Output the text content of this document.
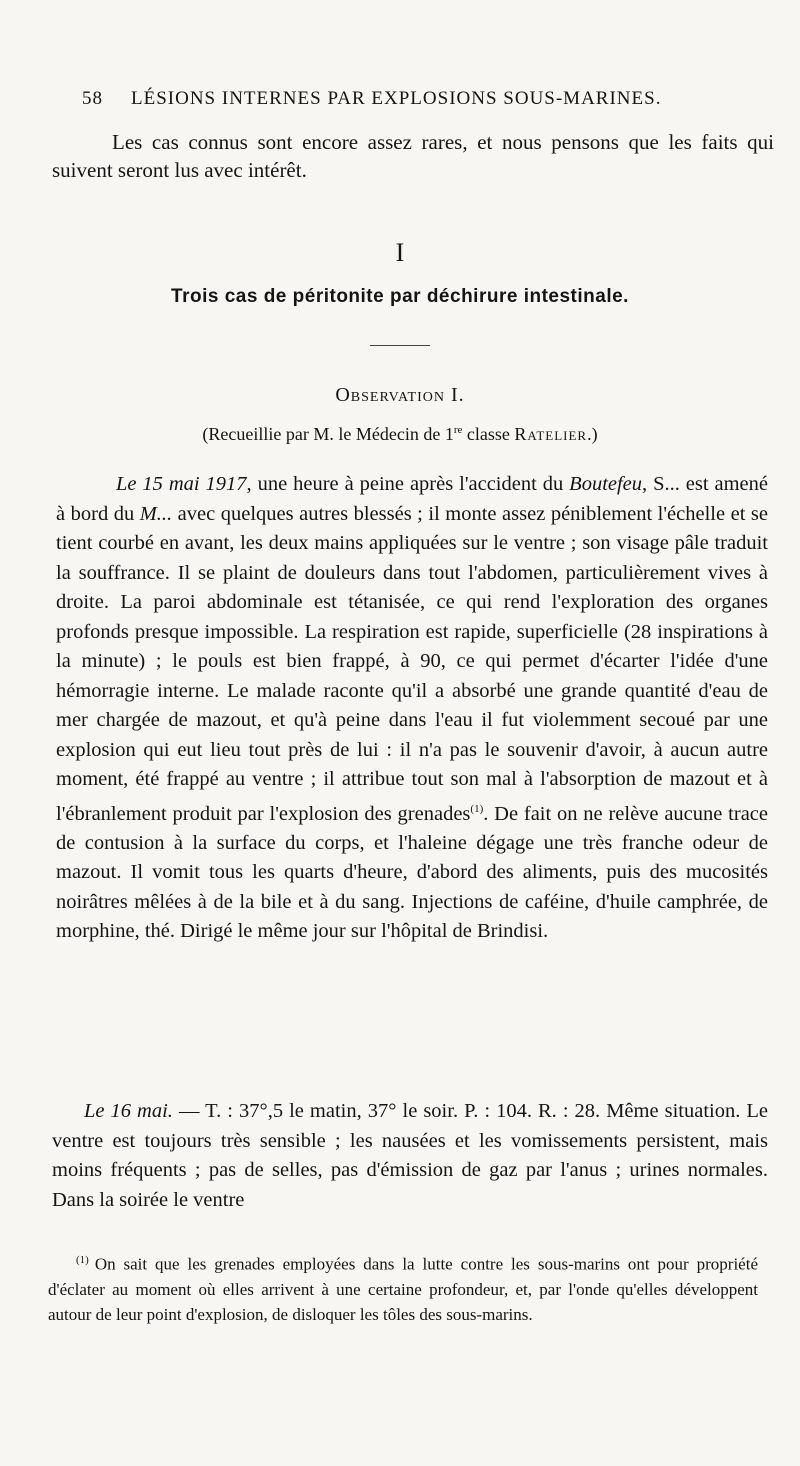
58 LÉSIONS INTERNES PAR EXPLOSIONS SOUS-MARINES.
Les cas connus sont encore assez rares, et nous pensons que les faits qui suivent seront lus avec intérêt.
I
Trois cas de péritonite par déchirure intestinale.
Observation I.
(Recueillie par M. le Médecin de 1re classe Ratelier.)
Le 15 mai 1917, une heure à peine après l'accident du Boutefeu, S... est amené à bord du M... avec quelques autres blessés ; il monte assez péniblement l'échelle et se tient courbé en avant, les deux mains appliquées sur le ventre ; son visage pâle traduit la souffrance. Il se plaint de douleurs dans tout l'abdomen, particulièrement vives à droite. La paroi abdominale est tétanisée, ce qui rend l'exploration des organes profonds presque impossible. La respiration est rapide, superficielle (28 inspirations à la minute) ; le pouls est bien frappé, à 90, ce qui permet d'écarter l'idée d'une hémorragie interne. Le malade raconte qu'il a absorbé une grande quantité d'eau de mer chargée de mazout, et qu'à peine dans l'eau il fut violemment secoué par une explosion qui eut lieu tout près de lui : il n'a pas le souvenir d'avoir, à aucun autre moment, été frappé au ventre ; il attribue tout son mal à l'absorption de mazout et à l'ébranlement produit par l'explosion des grenades$^{(1)}$. De fait on ne relève aucune trace de contusion à la surface du corps, et l'haleine dégage une très franche odeur de mazout. Il vomit tous les quarts d'heure, d'abord des aliments, puis des mucosités noirâtres mêlées à de la bile et à du sang. Injections de caféine, d'huile camphrée, de morphine, thé. Dirigé le même jour sur l'hôpital de Brindisi.
Le 16 mai. — T. : 37°,5 le matin, 37° le soir. P. : 104. R. : 28. Même situation. Le ventre est toujours très sensible ; les nausées et les vomissements persistent, mais moins fréquents ; pas de selles, pas d'émission de gaz par l'anus ; urines normales. Dans la soirée le ventre
$^{(1)}$ On sait que les grenades employées dans la lutte contre les sous-marins ont pour propriété d'éclater au moment où elles arrivent à une certaine profondeur, et, par l'onde qu'elles développent autour de leur point d'explosion, de disloquer les tôles des sous-marins.
